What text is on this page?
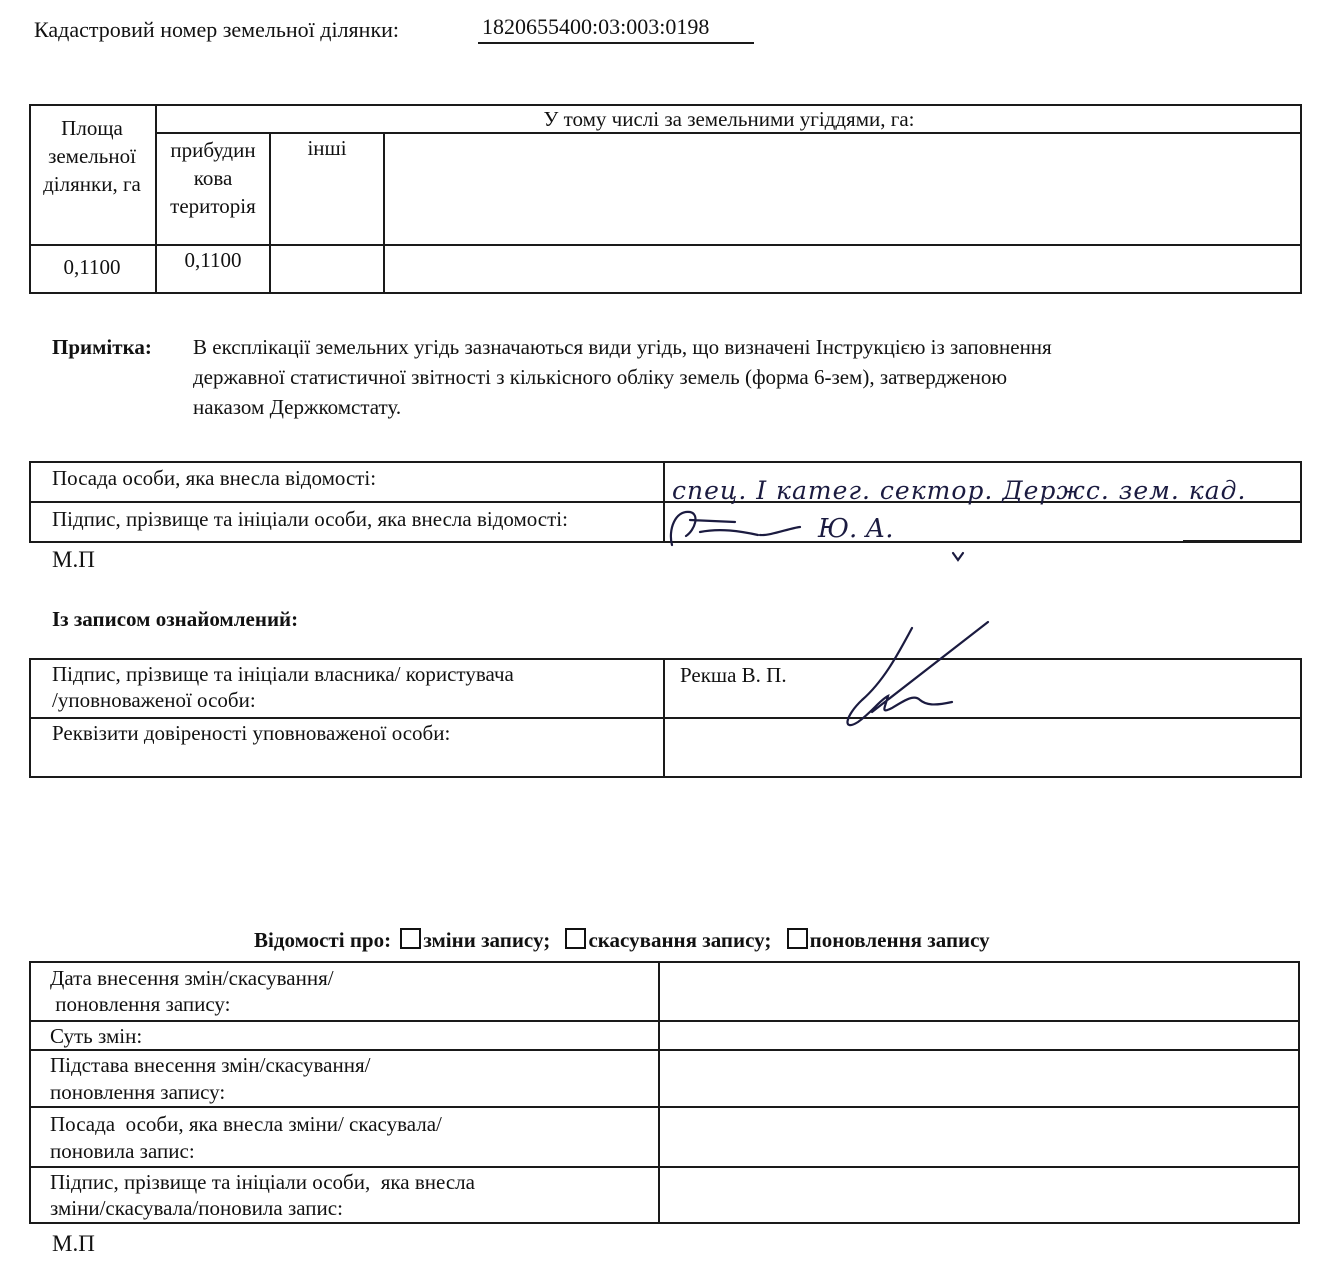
Кадастровий номер земельної ділянки:	1820655400:03:003:0198
Площа земельної ділянки, га
У тому числі за земельними угіддями, га:
прибудин кова територія
інші
0,1100	0,1100
Примітка: В експлікації земельних угідь зазначаються види угідь, що визначені Інструкцією із заповнення
державної статистичної звітності з кількісного обліку земель (форма 6-зем), затвердженою
наказом Держкомстату.
Посада особи, яка внесла відомості:
Підпис, прізвище та ініціали особи, яка внесла відомості:
спец. І катег. сектор. Держс. зем. кад.
Ю. А.
М.П
Із записом ознайомлений:
Підпис, прізвище та ініціали власника/ користувача
/уповноваженої особи:
Рекша В. П.
Реквізити довіреності уповноваженої особи:
Відомості про: зміни запису; скасування запису; поновлення запису
Дата внесення змін/скасування/
поновлення запису:
Суть змін:
Підстава внесення змін/скасування/
поновлення запису:
Посада  особи, яка внесла зміни/ скасувала/
поновила запис:
Підпис, прізвище та ініціали особи,  яка внесла
зміни/скасувала/поновила запис:
М.П
